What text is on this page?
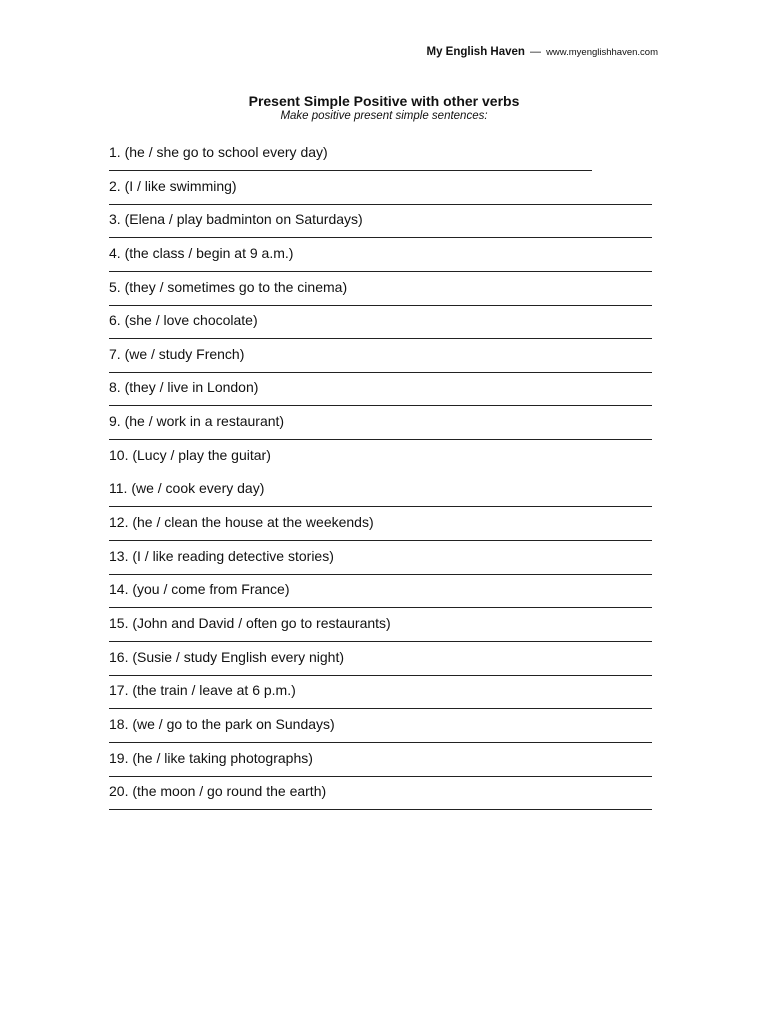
My English Haven — www.myenglishhaven.com
Present Simple Positive with other verbs
Make positive present simple sentences:
1. (he / she go to school every day)
2. (I / like swimming)
3. (Elena / play badminton on Saturdays)
4. (the class / begin at 9 a.m.)
5. (they / sometimes go to the cinema)
6. (she / love chocolate)
7. (we / study French)
8. (they / live in London)
9. (he / work in a restaurant)
10. (Lucy / play the guitar)
11. (we / cook every day)
12. (he / clean the house at the weekends)
13. (I / like reading detective stories)
14. (you / come from France)
15. (John and David / often go to restaurants)
16. (Susie / study English every night)
17. (the train / leave at 6 p.m.)
18. (we / go to the park on Sundays)
19. (he / like taking photographs)
20. (the moon / go round the earth)
